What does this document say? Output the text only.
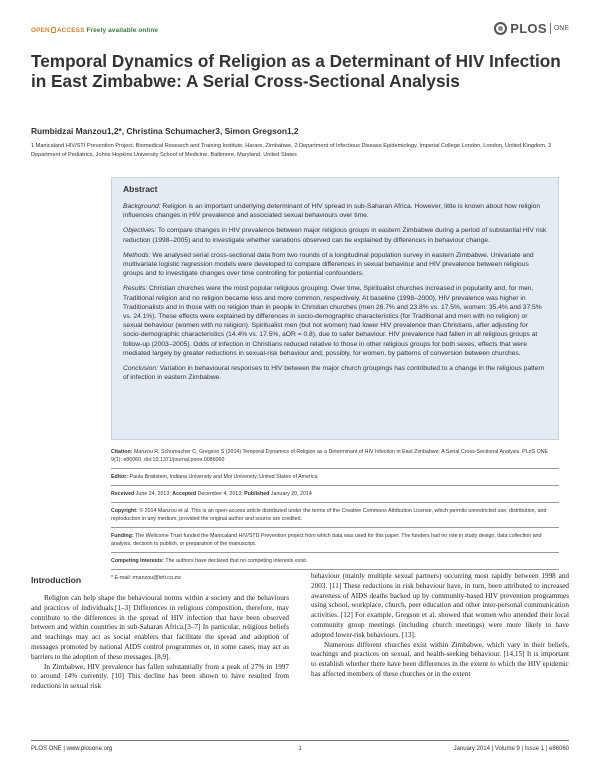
OPEN ACCESS Freely available online	PLOS ONE
Temporal Dynamics of Religion as a Determinant of HIV Infection in East Zimbabwe: A Serial Cross-Sectional Analysis
Rumbidzai Manzou1,2*, Christina Schumacher3, Simon Gregson1,2
1 Manicaland HIV/STI Prevention Project. Biomedical Research and Training Institute, Harare, Zimbabwe, 2 Department of Infectious Disease Epidemiology, Imperial College London, London, United Kingdom, 3 Department of Pediatrics, Johns Hopkins University School of Medicine, Baltimore, Maryland, United States
Abstract

Background: Religion is an important underlying determinant of HIV spread in sub-Saharan Africa. However, little is known about how religion influences changes in HIV prevalence and associated sexual behaviours over time.

Objectives: To compare changes in HIV prevalence between major religious groups in eastern Zimbabwe during a period of substantial HIV risk reduction (1998–2005) and to investigate whether variations observed can be explained by differences in behaviour change.

Methods: We analysed serial cross-sectional data from two rounds of a longitudinal population survey in eastern Zimbabwe. Univariate and multivariate logistic regression models were developed to compare differences in sexual behaviour and HIV prevalence between religious groups and to investigate changes over time controlling for potential confounders.

Results: Christian churches were the most popular religious grouping. Over time, Spiritualist churches increased in popularity and, for men, Traditional religion and no religion became less and more common, respectively. At baseline (1998–2000), HIV prevalence was higher in Traditionalists and in those with no religion than in people in Christian churches (men 26.7% and 23.8% vs. 17.5%, women: 35.4% and 37.5% vs. 24.1%). These effects were explained by differences in socio-demographic characteristics (for Traditional and men with no religion) or sexual behaviour (women with no religion). Spiritualist men (but not women) had lower HIV prevalence than Christians, after adjusting for socio-demographic characteristics (14.4% vs. 17.5%, aOR = 0.8), due to safer behaviour. HIV prevalence had fallen in all religious groups at follow-up (2003–2005). Odds of infection in Christians reduced relative to those in other religious groups for both sexes, effects that were mediated largely by greater reductions in sexual-risk behaviour and, possibly, for women, by patterns of conversion between churches.

Conclusion: Variation in behavioural responses to HIV between the major church groupings has contributed to a change in the religious pattern of infection in eastern Zimbabwe.

Citation: Manzou R, Schumacher C, Gregson S (2014) Temporal Dynamics of Religion as a Determinant of HIV Infection in East Zimbabwe: A Serial Cross-Sectional Analysis. PLoS ONE 9(1): e86060. doi:10.1371/journal.pone.0086060
Editor: Paula Braitstein, Indiana University and Moi University, United States of America
Received June 24, 2013; Accepted December 4, 2013; Published January 20, 2014
Copyright: © 2014 Manzou et al. This is an open-access article distributed under the terms of the Creative Commons Attribution License, which permits unrestricted use, distribution, and reproduction in any medium, provided the original author and source are credited.
Funding: The Wellcome Trust funded the Manicaland HIV/STD Prevention project from which data was used for this paper. The funders had no role in study design, data collection and analysis, decision to publish, or preparation of the manuscript.
Competing Interests: The authors have declared that no competing interests exist.
* E-mail: rmanzou@brti.co.zw
Introduction

Religion can help shape the behavioural norms within a society and the behaviours and practices of individuals.[1–3] Differences in religious composition, therefore, may contribute to the differences in the spread of HIV infection that have been observed between and within countries in sub-Saharan Africa.[3–7] In particular, religious beliefs and teachings may act as social enablers that facilitate the spread and adoption of messages promoted by national AIDS control programmes or, in some cases, may act as barriers to the adoption of these messages. [8,9].

In Zimbabwe, HIV prevalence has fallen substantially from a peak of 27% in 1997 to around 14% currently. [10] This decline has been shown to have resulted from reductions in sexual risk

behaviour (mainly multiple sexual partners) occurring most rapidly between 1998 and 2003. [11] These reductions in risk behaviour have, in turn, been attributed to increased awareness of AIDS deaths backed up by community-based HIV prevention programmes using school, workplace, church, peer education and other inter-personal communication activities. [12] For example, Gregson et al. showed that women who attended their local community group meetings (including church meetings) were more likely to have adopted lower-risk behaviours. [13].

Numerous different churches exist within Zimbabwe, which vary in their beliefs, teachings and practices on sexual, and health-seeking behaviour. [14,15] It is important to establish whether there have been differences in the extent to which the HIV epidemic has affected members of these churches or in the extent

PLOS ONE | www.plosone.org	1	January 2014 | Volume 9 | Issue 1 | e86060
